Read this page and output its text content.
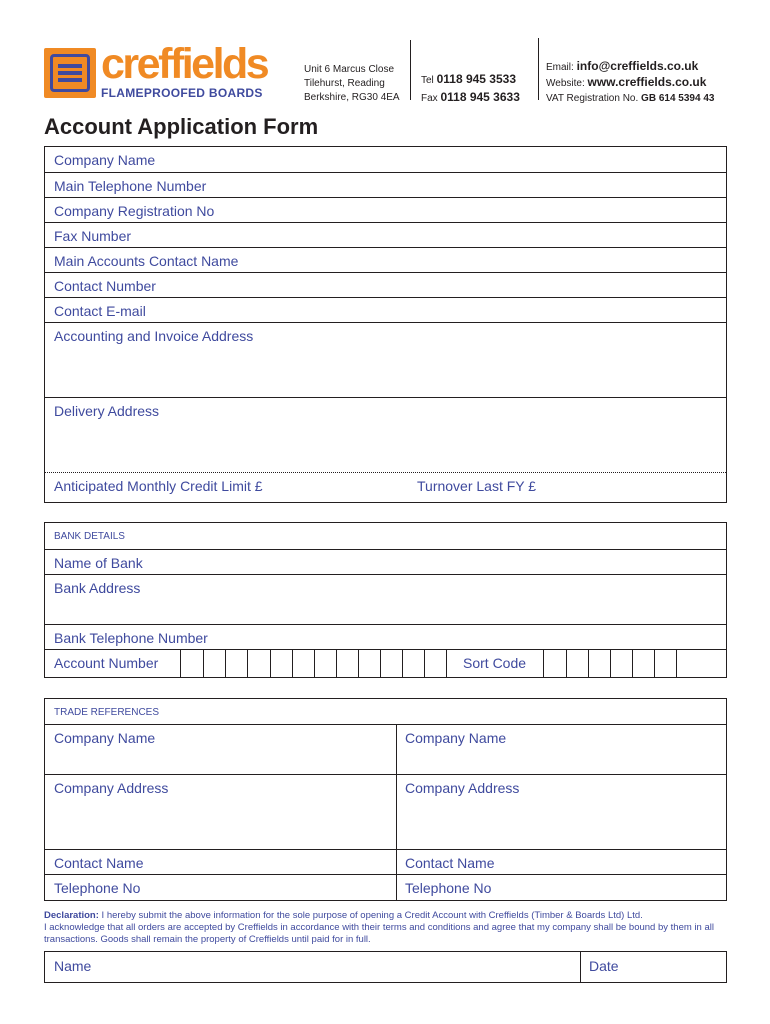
creffields
FLAMEPROOFED BOARDS
Unit 6 Marcus Close
Tilehurst, Reading
Berkshire, RG30 4EA
Tel 0118 945 3533
Fax 0118 945 3633
Email: info@creffields.co.uk
Website: www.creffields.co.uk
VAT Registration No. GB 614 5394 43
Account Application Form
Company Name
Main Telephone Number
Company Registration No
Fax Number
Main Accounts Contact Name
Contact Number
Contact E-mail
Accounting and Invoice Address
Delivery Address
Anticipated Monthly Credit Limit £	Turnover Last FY £
BANK DETAILS
Name of Bank
Bank Address
Bank Telephone Number
Account Number	Sort Code
TRADE REFERENCES
Company Name	Company Name
Company Address	Company Address
Contact Name	Contact Name
Telephone No	Telephone No
Declaration: I hereby submit the above information for the sole purpose of opening a Credit Account with Creffields (Timber & Boards Ltd) Ltd.
I acknowledge that all orders are accepted by Creffields in accordance with their terms and conditions and agree that my company shall be bound by them in all transactions. Goods shall remain the property of Creffields until paid for in full.
Name	Date
